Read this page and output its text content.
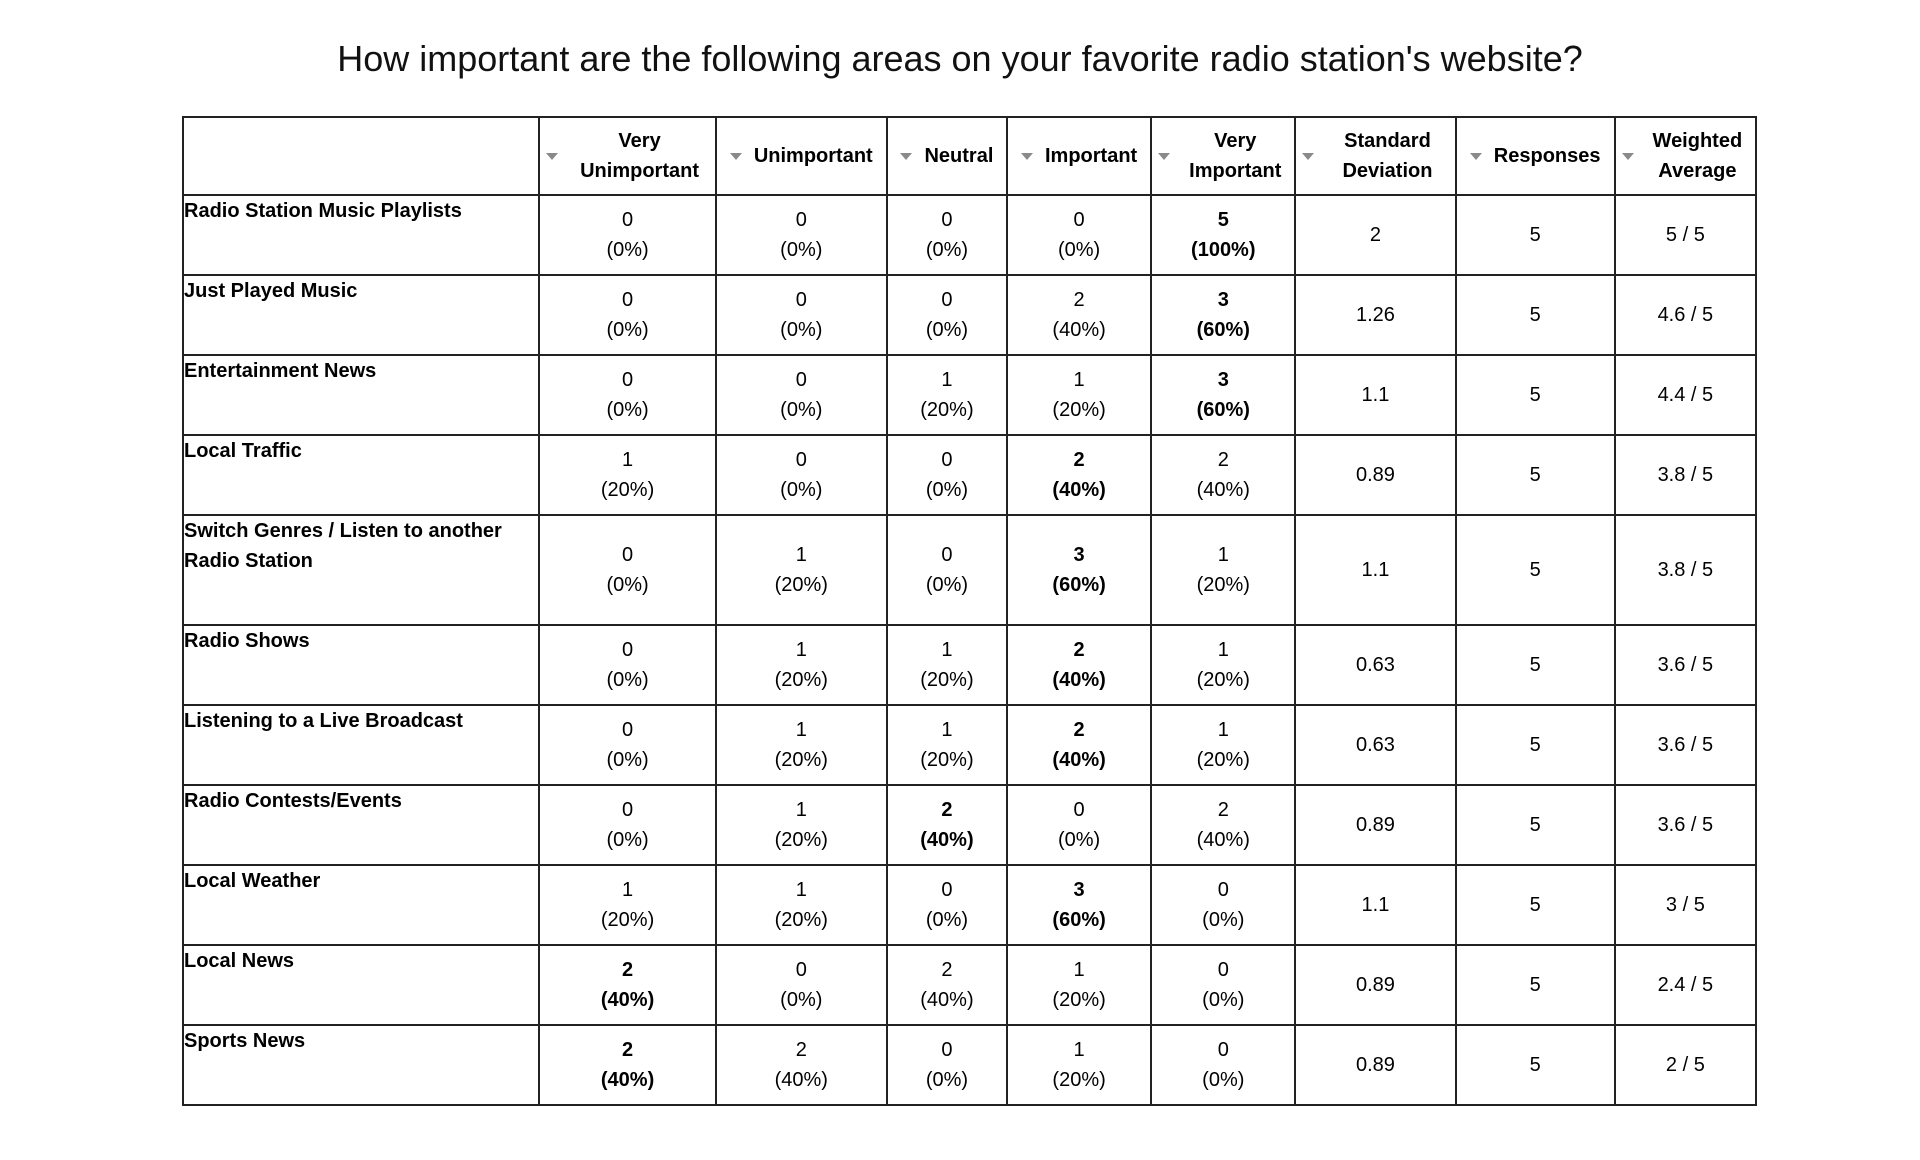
How important are the following areas on your favorite radio station's website?

	Very Unimportant	Unimportant	Neutral	Important	Very Important	Standard Deviation	Responses	Weighted Average

Radio Station Music Playlists	0
(0%)	0
(0%)	0
(0%)	0
(0%)	5
(100%)	2	5	5 / 5
Just Played Music	0
(0%)	0
(0%)	0
(0%)	2
(40%)	3
(60%)	1.26	5	4.6 / 5
Entertainment News	0
(0%)	0
(0%)	1
(20%)	1
(20%)	3
(60%)	1.1	5	4.4 / 5
Local Traffic	1
(20%)	0
(0%)	0
(0%)	2
(40%)	2
(40%)	0.89	5	3.8 / 5
Switch Genres / Listen to another Radio Station	0
(0%)	1
(20%)	0
(0%)	3
(60%)	1
(20%)	1.1	5	3.8 / 5
Radio Shows	0
(0%)	1
(20%)	1
(20%)	2
(40%)	1
(20%)	0.63	5	3.6 / 5
Listening to a Live Broadcast	0
(0%)	1
(20%)	1
(20%)	2
(40%)	1
(20%)	0.63	5	3.6 / 5
Radio Contests/Events	0
(0%)	1
(20%)	2
(40%)	0
(0%)	2
(40%)	0.89	5	3.6 / 5
Local Weather	1
(20%)	1
(20%)	0
(0%)	3
(60%)	0
(0%)	1.1	5	3 / 5
Local News	2
(40%)	0
(0%)	2
(40%)	1
(20%)	0
(0%)	0.89	5	2.4 / 5
Sports News	2
(40%)	2
(40%)	0
(0%)	1
(20%)	0
(0%)	0.89	5	2 / 5
